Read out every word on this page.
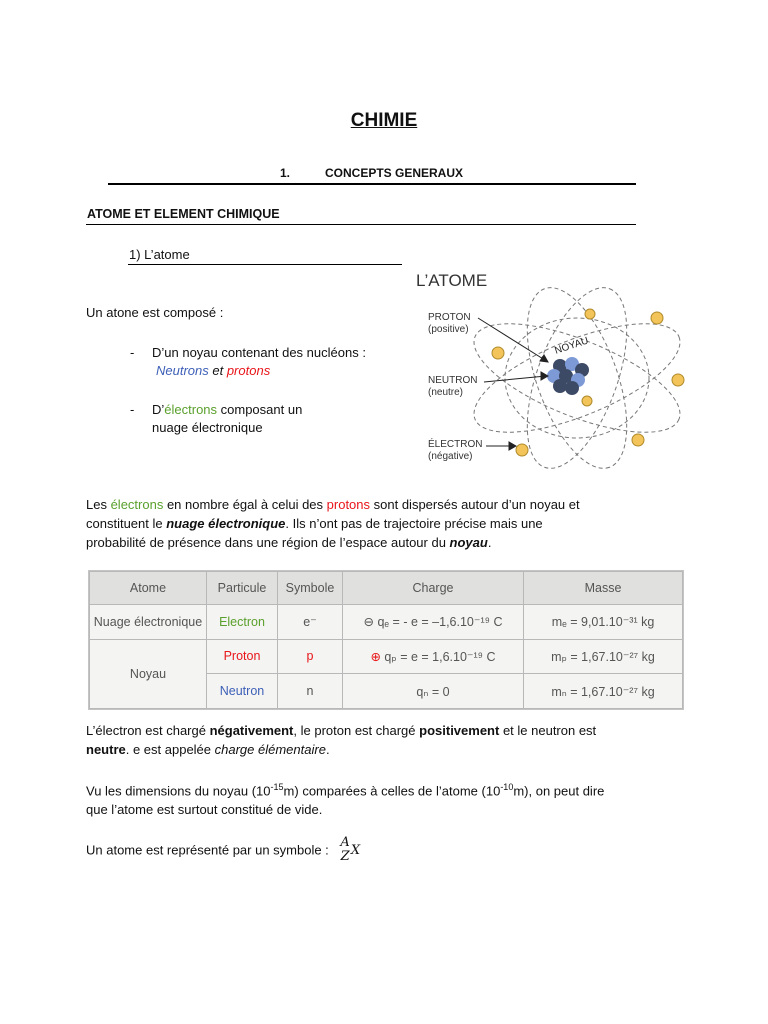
CHIMIE
1.	CONCEPTS GENERAUX
ATOME ET ELEMENT CHIMIQUE
1) L’atome
Un atone est composé :
- D’un noyau contenant des nucléons :
Neutrons et protons
- D’électrons composant un
nuage électronique
L’ATOME
NOYAU
PROTON
(positive)
NEUTRON
(neutre)
ÉLECTRON
(négative)
Les électrons en nombre égal à celui des protons sont dispersés autour d’un noyau et
constituent le nuage électronique. Ils n’ont pas de trajectoire précise mais une
probabilité de présence dans une région de l’espace autour du noyau.
Atome	Particule	Symbole	Charge	Masse
Nuage électronique	Electron	e⁻	⊖ qₑ = - e = –1,6.10⁻¹⁹ C	mₑ = 9,01.10⁻³¹ kg
Noyau	Proton	p	⊕ qₚ = e = 1,6.10⁻¹⁹ C	mₚ = 1,67.10⁻²⁷ kg
	Neutron	n	qₙ = 0	mₙ = 1,67.10⁻²⁷ kg
L’électron est chargé négativement, le proton est chargé positivement et le neutron est
neutre. e est appelée charge élémentaire.
Vu les dimensions du noyau $(10^{-15}m)$ comparées à celles de l’atome $(10^{-10}m)$, on peut dire
que l’atome est surtout constitué de vide.
Un atome est représenté par un symbole : A
Z X
